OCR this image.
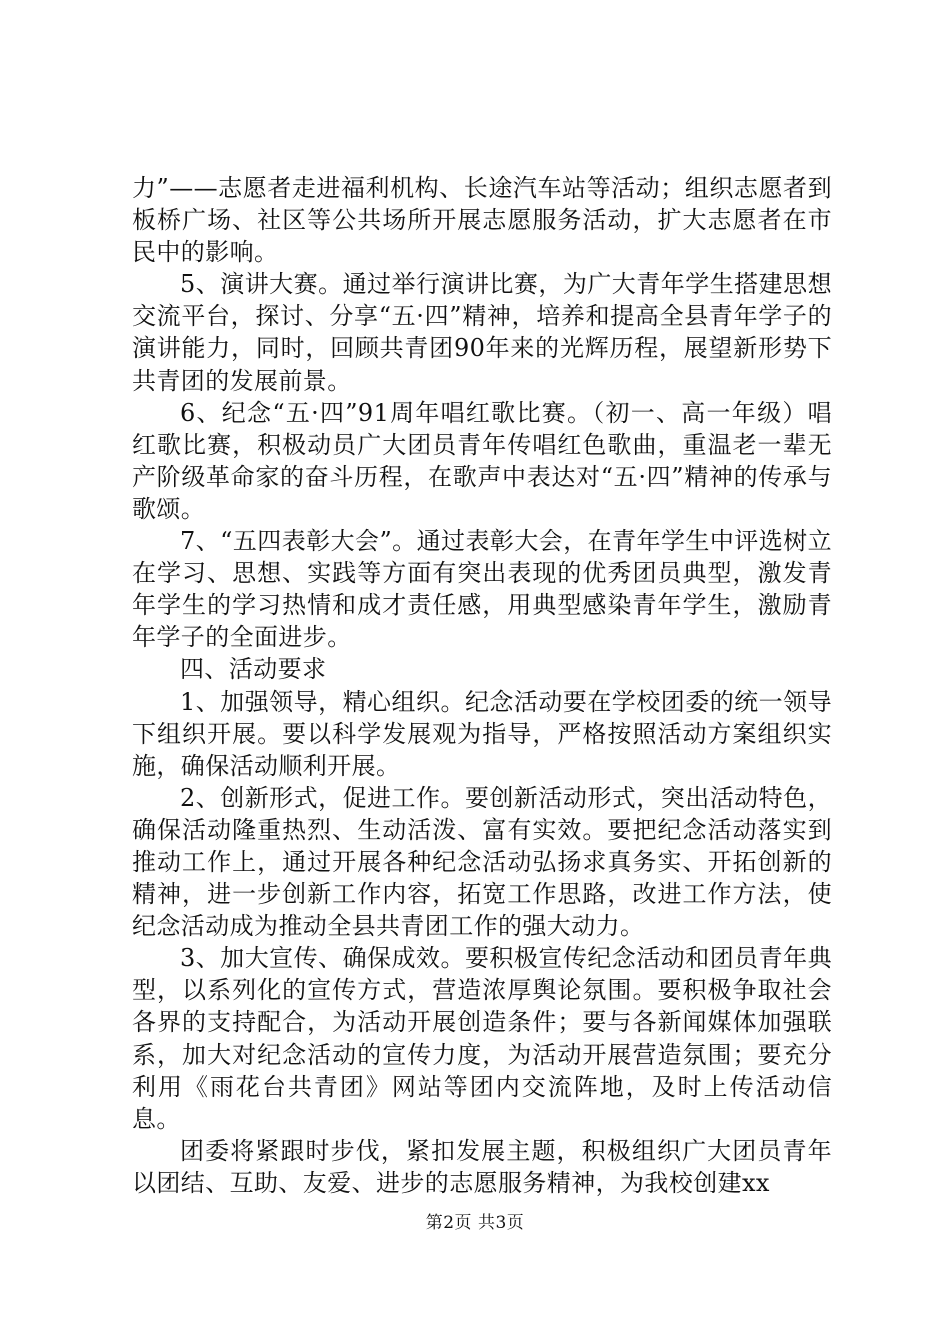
力”——志愿者走进福利机构、长途汽车站等活动；组织志愿者到板桥广场、社区等公共场所开展志愿服务活动，扩大志愿者在市民中的影响。

5、演讲大赛。通过举行演讲比赛，为广大青年学生搭建思想交流平台，探讨、分享“五·四”精神，培养和提高全县青年学子的演讲能力，同时，回顾共青团90年来的光辉历程，展望新形势下共青团的发展前景。

6、纪念“五·四”91周年唱红歌比赛。（初一、高一年级）唱红歌比赛，积极动员广大团员青年传唱红色歌曲，重温老一辈无产阶级革命家的奋斗历程，在歌声中表达对“五·四”精神的传承与歌颂。

7、“五四表彰大会”。通过表彰大会，在青年学生中评选树立在学习、思想、实践等方面有突出表现的优秀团员典型，激发青年学生的学习热情和成才责任感，用典型感染青年学生，激励青年学子的全面进步。

四、活动要求

1、加强领导，精心组织。纪念活动要在学校团委的统一领导下组织开展。要以科学发展观为指导，严格按照活动方案组织实施，确保活动顺利开展。

2、创新形式，促进工作。要创新活动形式，突出活动特色，确保活动隆重热烈、生动活泼、富有实效。要把纪念活动落实到推动工作上，通过开展各种纪念活动弘扬求真务实、开拓创新的精神，进一步创新工作内容，拓宽工作思路，改进工作方法，使纪念活动成为推动全县共青团工作的强大动力。

3、加大宣传、确保成效。要积极宣传纪念活动和团员青年典型，以系列化的宣传方式，营造浓厚舆论氛围。要积极争取社会各界的支持配合，为活动开展创造条件；要与各新闻媒体加强联系，加大对纪念活动的宣传力度，为活动开展营造氛围；要充分利用《雨花台共青团》网站等团内交流阵地，及时上传活动信息。

团委将紧跟时步伐，紧扣发展主题，积极组织广大团员青年以团结、互助、友爱、进步的志愿服务精神，为我校创建xx

第2页 共3页
